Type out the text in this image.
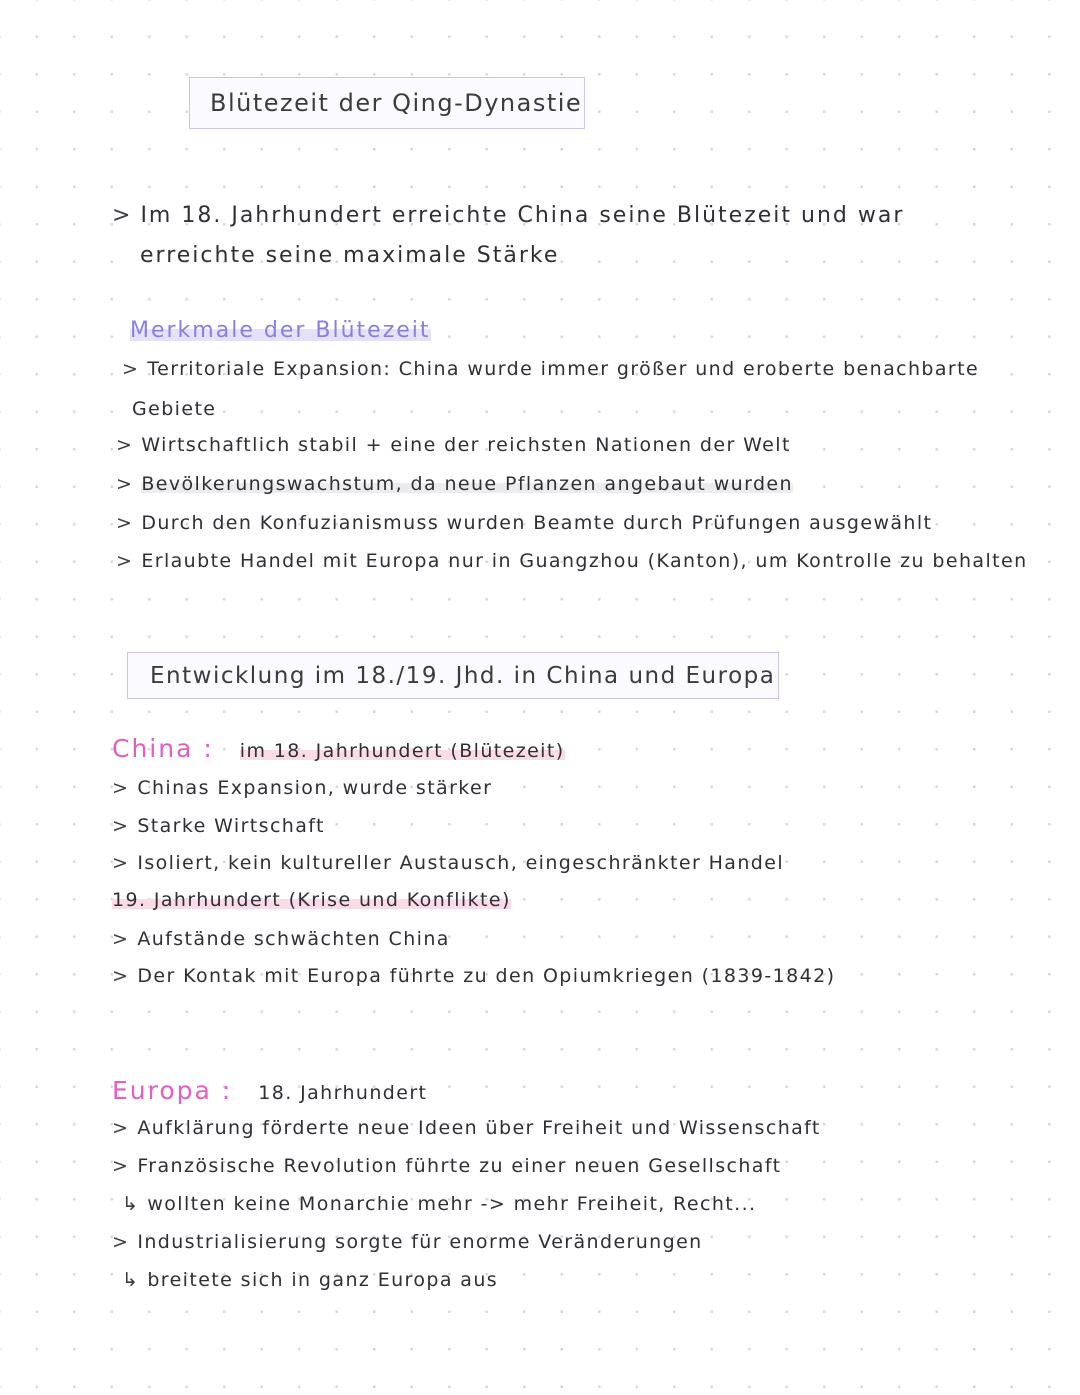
Blütezeit der Qing-Dynastie
> Im 18. Jahrhundert erreichte China seine Blütezeit und war
erreichte seine maximale Stärke
Merkmale der Blütezeit
> Territoriale Expansion: China wurde immer größer und eroberte benachbarte
Gebiete
> Wirtschaftlich stabil + eine der reichsten Nationen der Welt
> Bevölkerungswachstum, da neue Pflanzen angebaut wurden
> Durch den Konfuzianismuss wurden Beamte durch Prüfungen ausgewählt
> Erlaubte Handel mit Europa nur in Guangzhou (Kanton), um Kontrolle zu behalten
Entwicklung im 18./19. Jhd. in China und Europa
China : im 18. Jahrhundert (Blütezeit)
> Chinas Expansion, wurde stärker
> Starke Wirtschaft
> Isoliert, kein kultureller Austausch, eingeschränkter Handel
19. Jahrhundert (Krise und Konflikte)
> Aufstände schwächten China
> Der Kontak mit Europa führte zu den Opiumkriegen (1839-1842)
Europa : 18. Jahrhundert
> Aufklärung förderte neue Ideen über Freiheit und Wissenschaft
> Französische Revolution führte zu einer neuen Gesellschaft
↳ wollten keine Monarchie mehr -> mehr Freiheit, Recht...
> Industrialisierung sorgte für enorme Veränderungen
↳ breitete sich in ganz Europa aus
